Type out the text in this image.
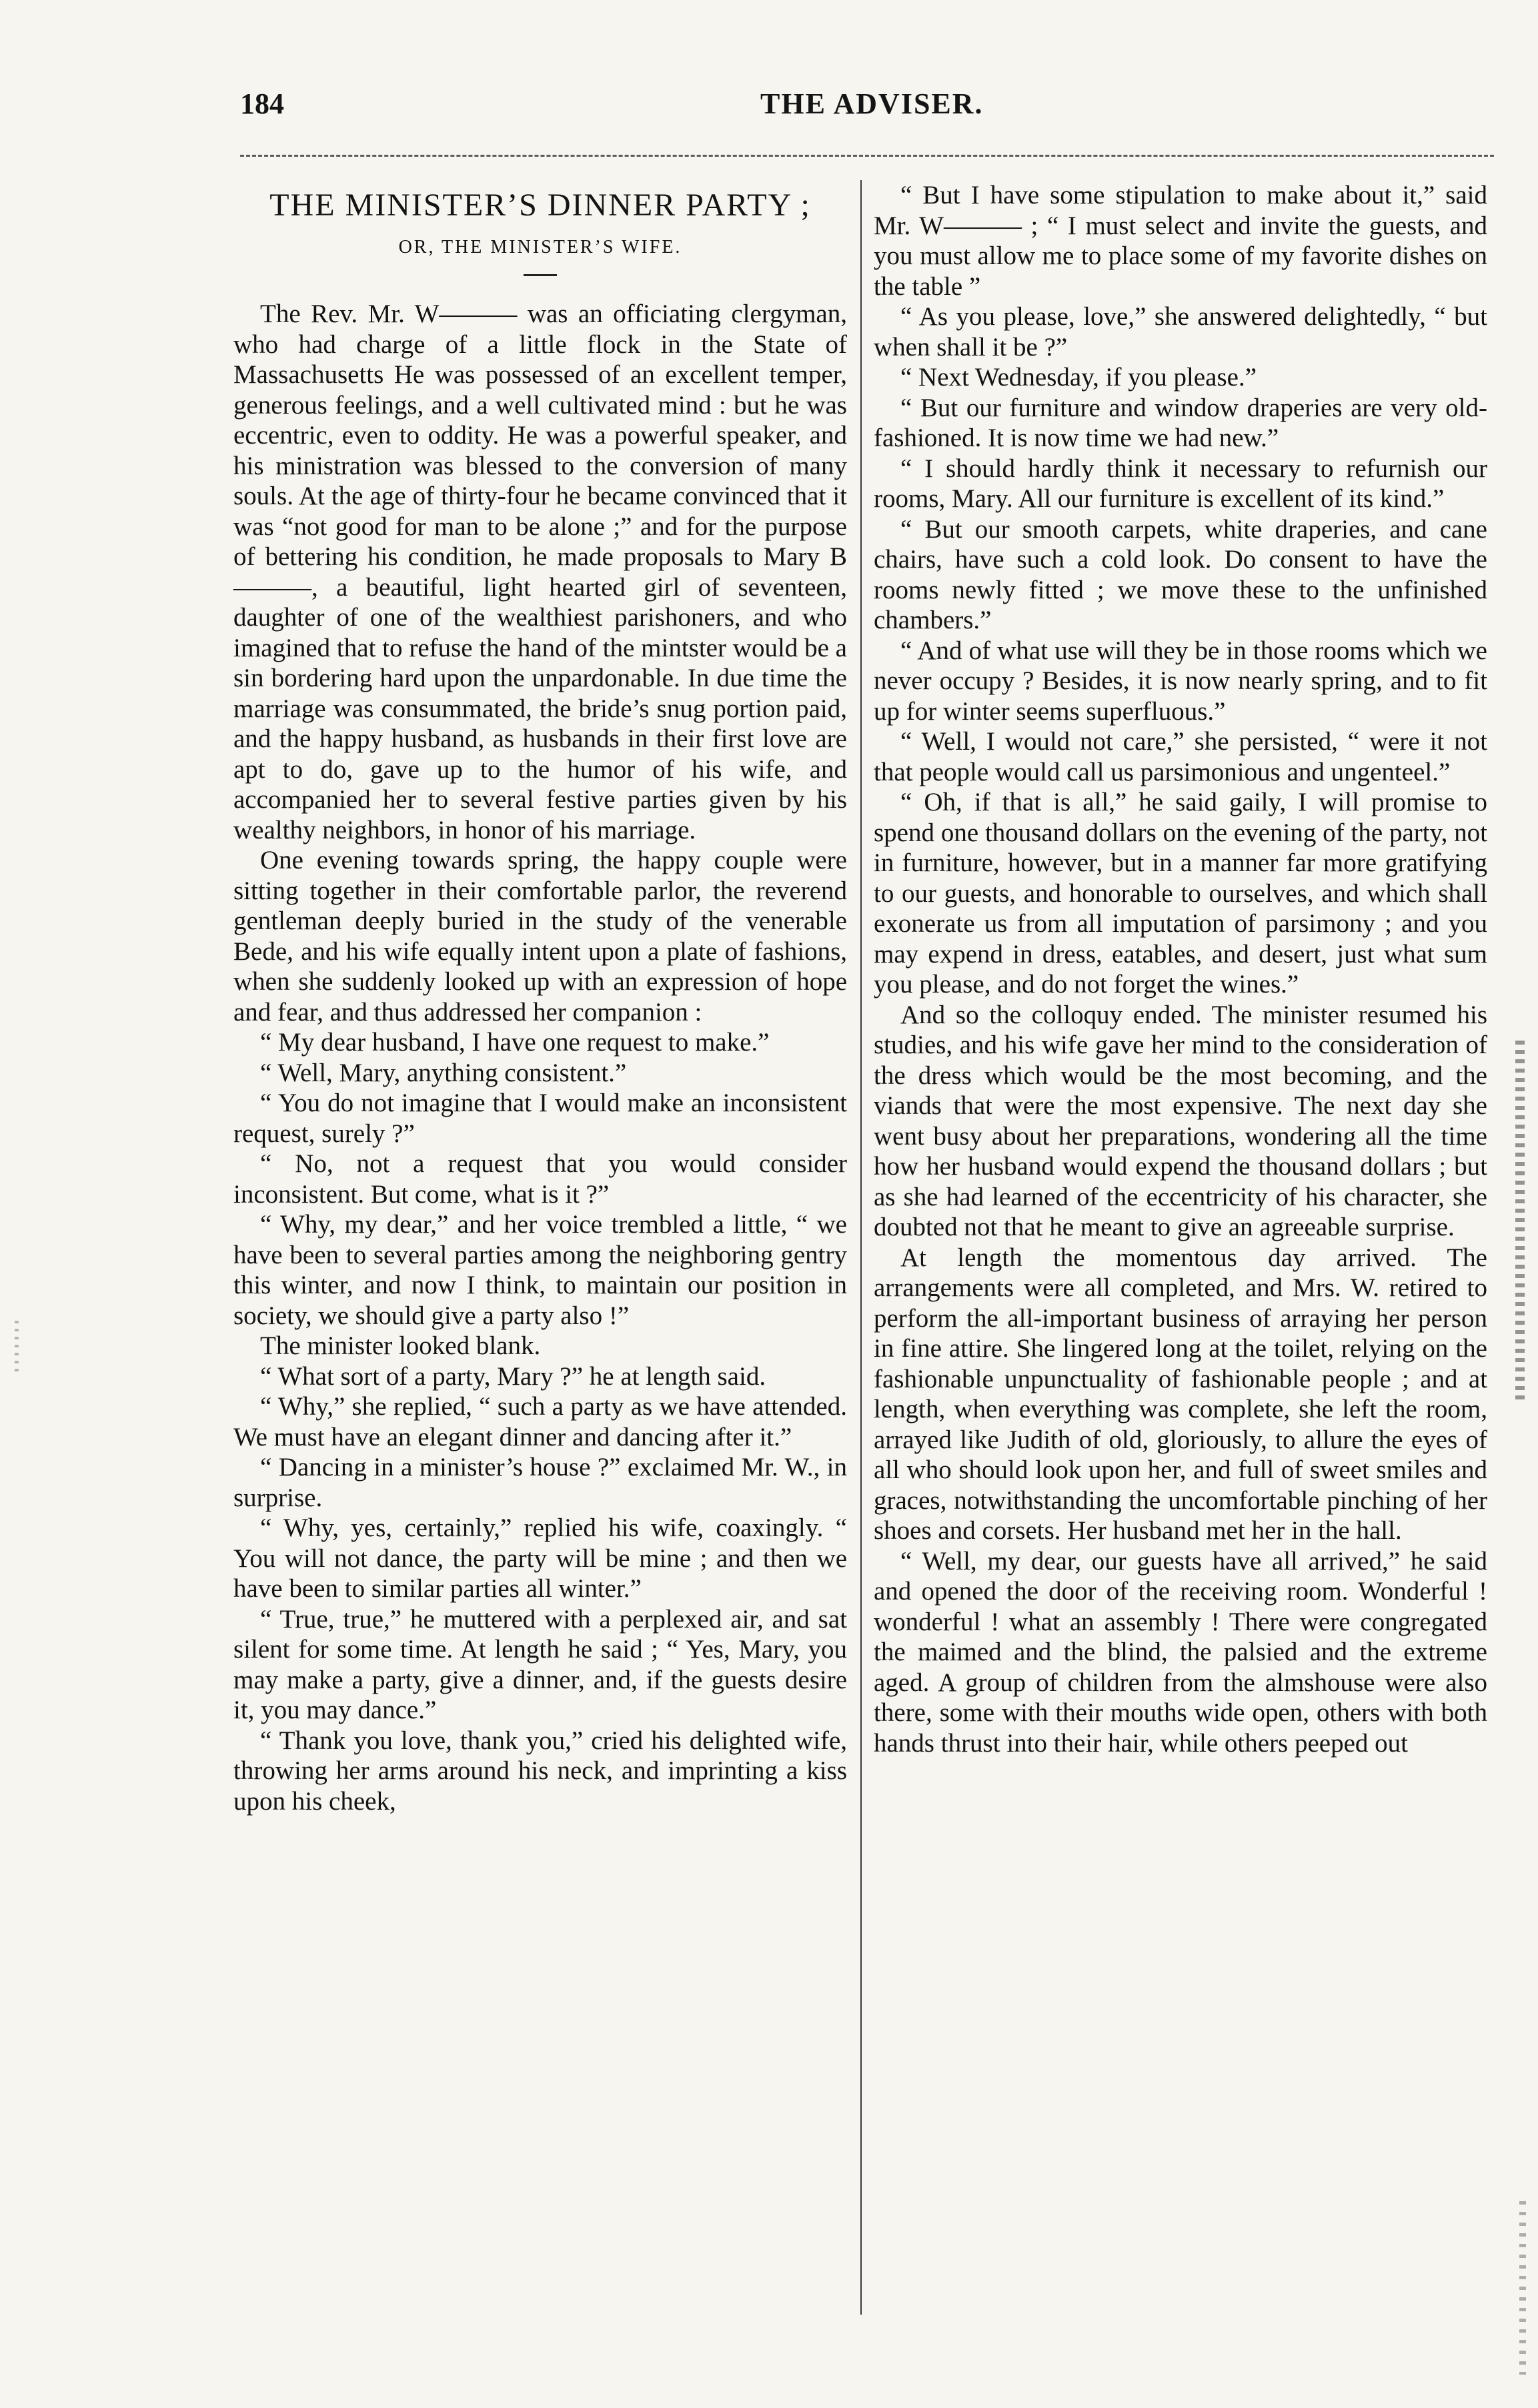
184	THE ADVISER.
THE MINISTER’S DINNER PARTY ;
OR, THE MINISTER’S WIFE.

The Rev. Mr. W——— was an officiating clergyman, who had charge of a little flock in the State of Massachusetts He was possessed of an excellent temper, generous feelings, and a well cultivated mind : but he was eccentric, even to oddity. He was a powerful speaker, and his ministration was blessed to the conversion of many souls. At the age of thirty-four he became convinced that it was “not good for man to be alone ;” and for the purpose of bettering his condition, he made proposals to Mary B———, a beautiful, light hearted girl of seventeen, daughter of one of the wealthiest parishoners, and who imagined that to refuse the hand of the mintster would be a sin bordering hard upon the unpardonable. In due time the marriage was consummated, the bride’s snug portion paid, and the happy husband, as husbands in their first love are apt to do, gave up to the humor of his wife, and accompanied her to several festive parties given by his wealthy neighbors, in honor of his marriage.

One evening towards spring, the happy couple were sitting together in their comfortable parlor, the reverend gentleman deeply buried in the study of the venerable Bede, and his wife equally intent upon a plate of fashions, when she suddenly looked up with an expression of hope and fear, and thus addressed her companion :

“ My dear husband, I have one request to make.”

“ Well, Mary, anything consistent.”

“ You do not imagine that I would make an inconsistent request, surely ?”

“ No, not a request that you would consider inconsistent. But come, what is it ?”

“ Why, my dear,” and her voice trembled a little, “ we have been to several parties among the neighboring gentry this winter, and now I think, to maintain our position in society, we should give a party also !”

The minister looked blank.

“ What sort of a party, Mary ?” he at length said.

“ Why,” she replied, “ such a party as we have attended. We must have an elegant dinner and dancing after it.”

“ Dancing in a minister’s house ?” exclaimed Mr. W., in surprise.

“ Why, yes, certainly,” replied his wife, coaxingly. “ You will not dance, the party will be mine ; and then we have been to similar parties all winter.”

“ True, true,” he muttered with a perplexed air, and sat silent for some time. At length he said ; “ Yes, Mary, you may make a party, give a dinner, and, if the guests desire it, you may dance.”

“ Thank you love, thank you,” cried his delighted wife, throwing her arms around his neck, and imprinting a kiss upon his cheek,

“ But I have some stipulation to make about it,” said Mr. W——— ; “ I must select and invite the guests, and you must allow me to place some of my favorite dishes on the table ”

“ As you please, love,” she answered delightedly, “ but when shall it be ?”

“ Next Wednesday, if you please.”

“ But our furniture and window draperies are very old-fashioned. It is now time we had new.”

“ I should hardly think it necessary to refurnish our rooms, Mary. All our furniture is excellent of its kind.”

“ But our smooth carpets, white draperies, and cane chairs, have such a cold look. Do consent to have the rooms newly fitted ; we move these to the unfinished chambers.”

“ And of what use will they be in those rooms which we never occupy ? Besides, it is now nearly spring, and to fit up for winter seems superfluous.”

“ Well, I would not care,” she persisted, “ were it not that people would call us parsimonious and ungenteel.”

“ Oh, if that is all,” he said gaily, I will promise to spend one thousand dollars on the evening of the party, not in furniture, however, but in a manner far more gratifying to our guests, and honorable to ourselves, and which shall exonerate us from all imputation of parsimony ; and you may expend in dress, eatables, and desert, just what sum you please, and do not forget the wines.”

And so the colloquy ended. The minister resumed his studies, and his wife gave her mind to the consideration of the dress which would be the most becoming, and the viands that were the most expensive. The next day she went busy about her preparations, wondering all the time how her husband would expend the thousand dollars ; but as she had learned of the eccentricity of his character, she doubted not that he meant to give an agreeable surprise.

At length the momentous day arrived. The arrangements were all completed, and Mrs. W. retired to perform the all-important business of arraying her person in fine attire. She lingered long at the toilet, relying on the fashionable unpunctuality of fashionable people ; and at length, when everything was complete, she left the room, arrayed like Judith of old, gloriously, to allure the eyes of all who should look upon her, and full of sweet smiles and graces, notwithstanding the uncomfortable pinching of her shoes and corsets. Her husband met her in the hall.

“ Well, my dear, our guests have all arrived,” he said and opened the door of the receiving room. Wonderful ! wonderful ! what an assembly ! There were congregated the maimed and the blind, the palsied and the extreme aged. A group of children from the almshouse were also there, some with their mouths wide open, others with both hands thrust into their hair, while others peeped out
